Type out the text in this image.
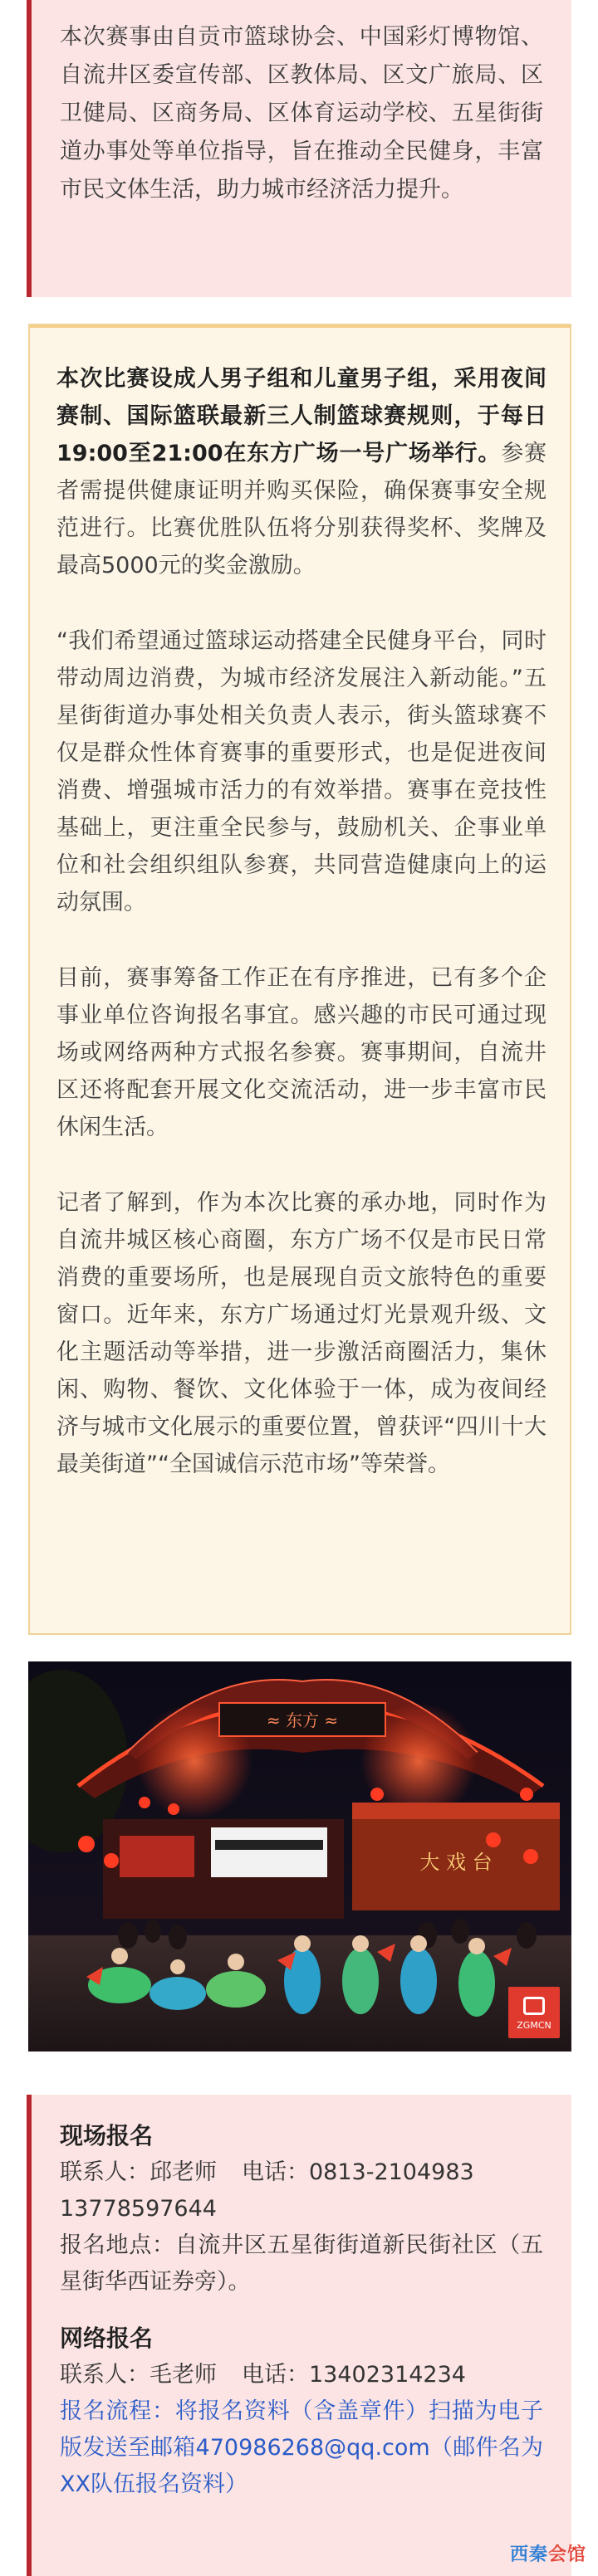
本次赛事由自贡市篮球协会、中国彩灯博物馆、自流井区委宣传部、区教体局、区文广旅局、区卫健局、区商务局、区体育运动学校、五星街街道办事处等单位指导，旨在推动全民健身，丰富市民文体生活，助力城市经济活力提升。

本次比赛设成人男子组和儿童男子组，采用夜间赛制、国际篮联最新三人制篮球赛规则，于每日19:00至21:00在东方广场一号广场举行。参赛者需提供健康证明并购买保险，确保赛事安全规范进行。比赛优胜队伍将分别获得奖杯、奖牌及最高5000元的奖金激励。

“我们希望通过篮球运动搭建全民健身平台，同时带动周边消费，为城市经济发展注入新动能。”五星街街道办事处相关负责人表示，街头篮球赛不仅是群众性体育赛事的重要形式，也是促进夜间消费、增强城市活力的有效举措。赛事在竞技性基础上，更注重全民参与，鼓励机关、企事业单位和社会组织组队参赛，共同营造健康向上的运动氛围。

目前，赛事筹备工作正在有序推进，已有多个企事业单位咨询报名事宜。感兴趣的市民可通过现场或网络两种方式报名参赛。赛事期间，自流井区还将配套开展文化交流活动，进一步丰富市民休闲生活。

记者了解到，作为本次比赛的承办地，同时作为自流井城区核心商圈，东方广场不仅是市民日常消费的重要场所，也是展现自贡文旅特色的重要窗口。近年来，东方广场通过灯光景观升级、文化主题活动等举措，进一步激活商圈活力，集休闲、购物、餐饮、文化体验于一体，成为夜间经济与城市文化展示的重要位置，曾获评“四川十大最美街道”“全国诚信示范市场”等荣誉。

≈ 东方 ≈
大 戏 台
ZGMCN

现场报名

联系人：邱老师 电话：0813-2104983

13778597644

报名地点：自流井区五星街街道新民街社区（五星街华西证券旁）。

网络报名

联系人：毛老师 电话：13402314234

报名流程：将报名资料（含盖章件）扫描为电子版发送至邮箱470986268@qq.com（邮件名为XX队伍报名资料）

西秦会馆
